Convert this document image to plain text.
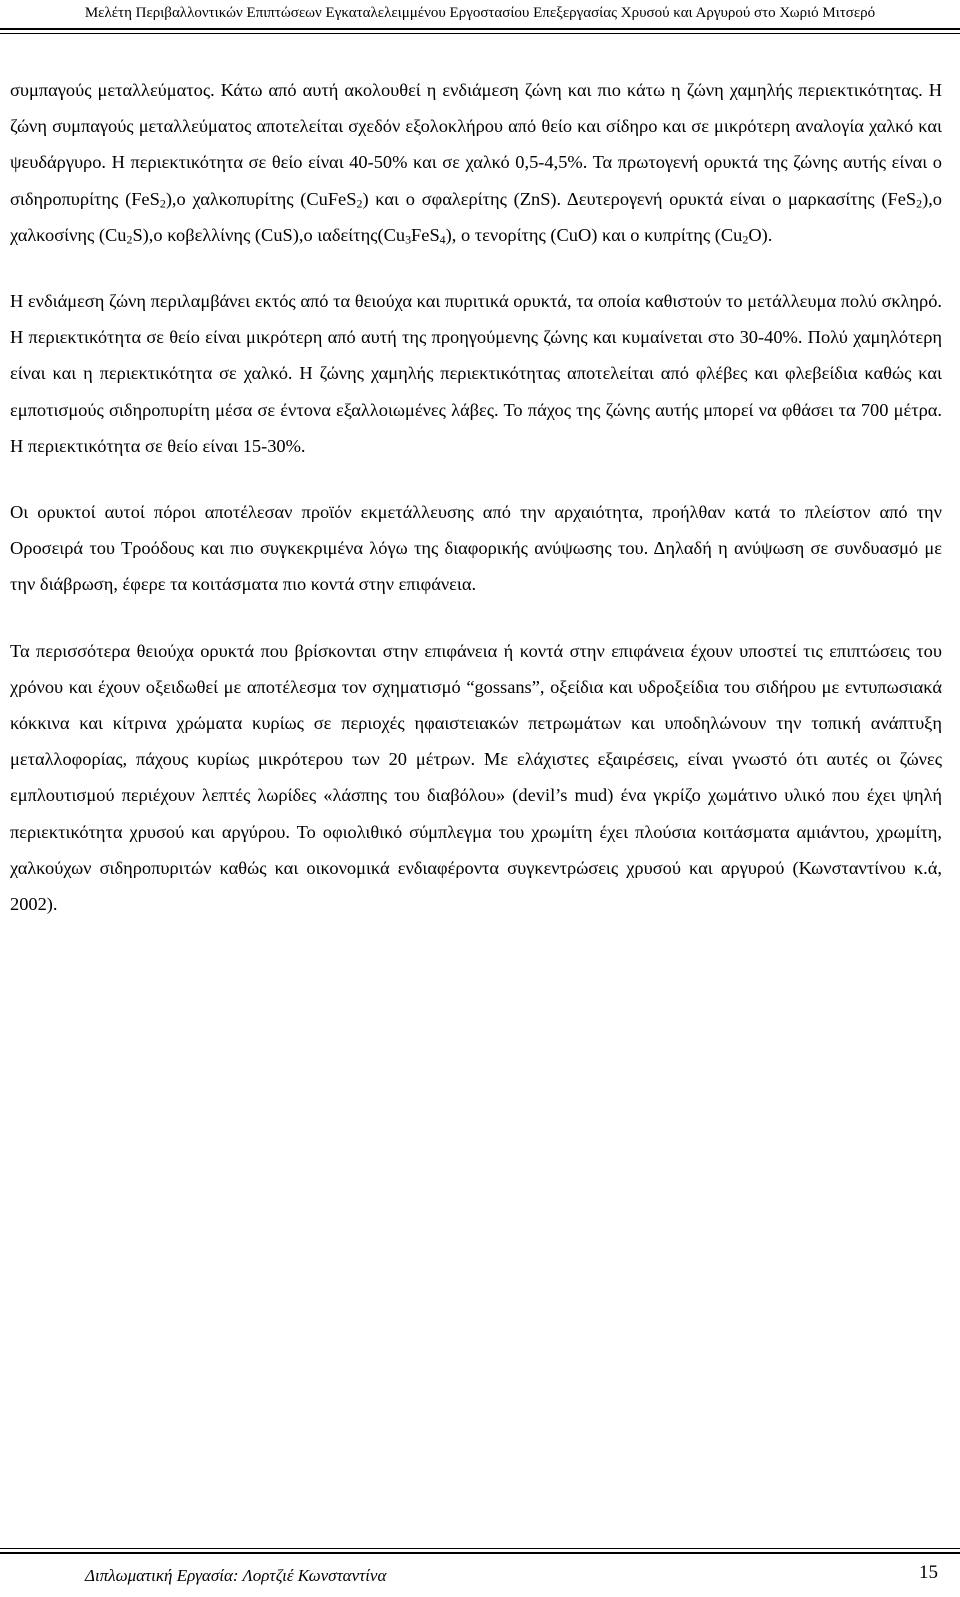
Μελέτη Περιβαλλοντικών Επιπτώσεων Εγκαταλελειμμένου Εργοστασίου Επεξεργασίας Χρυσού και Αργυρού στο Χωριό Μιτσερό

συμπαγούς μεταλλεύματος. Κάτω από αυτή ακολουθεί η ενδιάμεση ζώνη και πιο κάτω η ζώνη χαμηλής περιεκτικότητας. Η ζώνη συμπαγούς μεταλλεύματος αποτελείται σχεδόν εξολοκλήρου από θείο και σίδηρο και σε μικρότερη αναλογία χαλκό και ψευδάργυρο. Η περιεκτικότητα σε θείο είναι 40-50% και σε χαλκό 0,5-4,5%. Τα πρωτογενή ορυκτά της ζώνης αυτής είναι ο σιδηροπυρίτης (FeS$_2$),ο χαλκοπυρίτης (CuFeS$_2$) και ο σφαλερίτης (ZnS). Δευτερογενή ορυκτά είναι ο μαρκασίτης (FeS$_2$),ο χαλκοσίνης $(Cu_2S),o$ κοβελλίνης (CuS),ο $\iota\alpha\delta\varepsilon ί\tau\eta\varsigma(Cu_3FeS_4)$, ο τενορίτης (CuO) και ο κυπρίτης $(Cu_2O)$.

Η ενδιάμεση ζώνη περιλαμβάνει εκτός από τα θειούχα και πυριτικά ορυκτά, τα οποία καθιστούν το μετάλλευμα πολύ σκληρό. Η περιεκτικότητα σε θείο είναι μικρότερη από αυτή της προηγούμενης ζώνης και κυμαίνεται στο 30-40%. Πολύ χαμηλότερη είναι και η περιεκτικότητα σε χαλκό. Η ζώνης χαμηλής περιεκτικότητας αποτελείται από φλέβες και φλεβείδια καθώς και εμποτισμούς σιδηροπυρίτη μέσα σε έντονα εξαλλοιωμένες λάβες. Το πάχος της ζώνης αυτής μπορεί να φθάσει τα 700 μέτρα. Η περιεκτικότητα σε θείο είναι 15-30%.

Οι ορυκτοί αυτοί πόροι αποτέλεσαν προϊόν εκμετάλλευσης από την αρχαιότητα, προήλθαν κατά το πλείστον από την Οροσειρά του Τροόδους και πιο συγκεκριμένα λόγω της διαφορικής ανύψωσης του. Δηλαδή η ανύψωση σε συνδυασμό με την διάβρωση, έφερε τα κοιτάσματα πιο κοντά στην επιφάνεια.

Τα περισσότερα θειούχα ορυκτά που βρίσκονται στην επιφάνεια ή κοντά στην επιφάνεια έχουν υποστεί τις επιπτώσεις του χρόνου και έχουν οξειδωθεί με αποτέλεσμα τον σχηματισμό “gossans”, οξείδια και υδροξείδια του σιδήρου με εντυπωσιακά κόκκινα και κίτρινα χρώματα κυρίως σε περιοχές ηφαιστειακών πετρωμάτων και υποδηλώνουν την τοπική ανάπτυξη μεταλλοφορίας, πάχους κυρίως μικρότερου των 20 μέτρων. Με ελάχιστες εξαιρέσεις, είναι γνωστό ότι αυτές οι ζώνες εμπλουτισμού περιέχουν λεπτές λωρίδες «λάσπης του διαβόλου» (devil’s mud) ένα γκρίζο χωμάτινο υλικό που έχει ψηλή περιεκτικότητα χρυσού και αργύρου. Το οφιολιθικό σύμπλεγμα του χρωμίτη έχει πλούσια κοιτάσματα αμιάντου, χρωμίτη, χαλκούχων σιδηροπυριτών καθώς και οικονομικά ενδιαφέροντα συγκεντρώσεις χρυσού και αργυρού (Κωνσταντίνου κ.ά, 2002).

Διπλωματική Εργασία: Λορτζιέ Κωνσταντίνα	15
